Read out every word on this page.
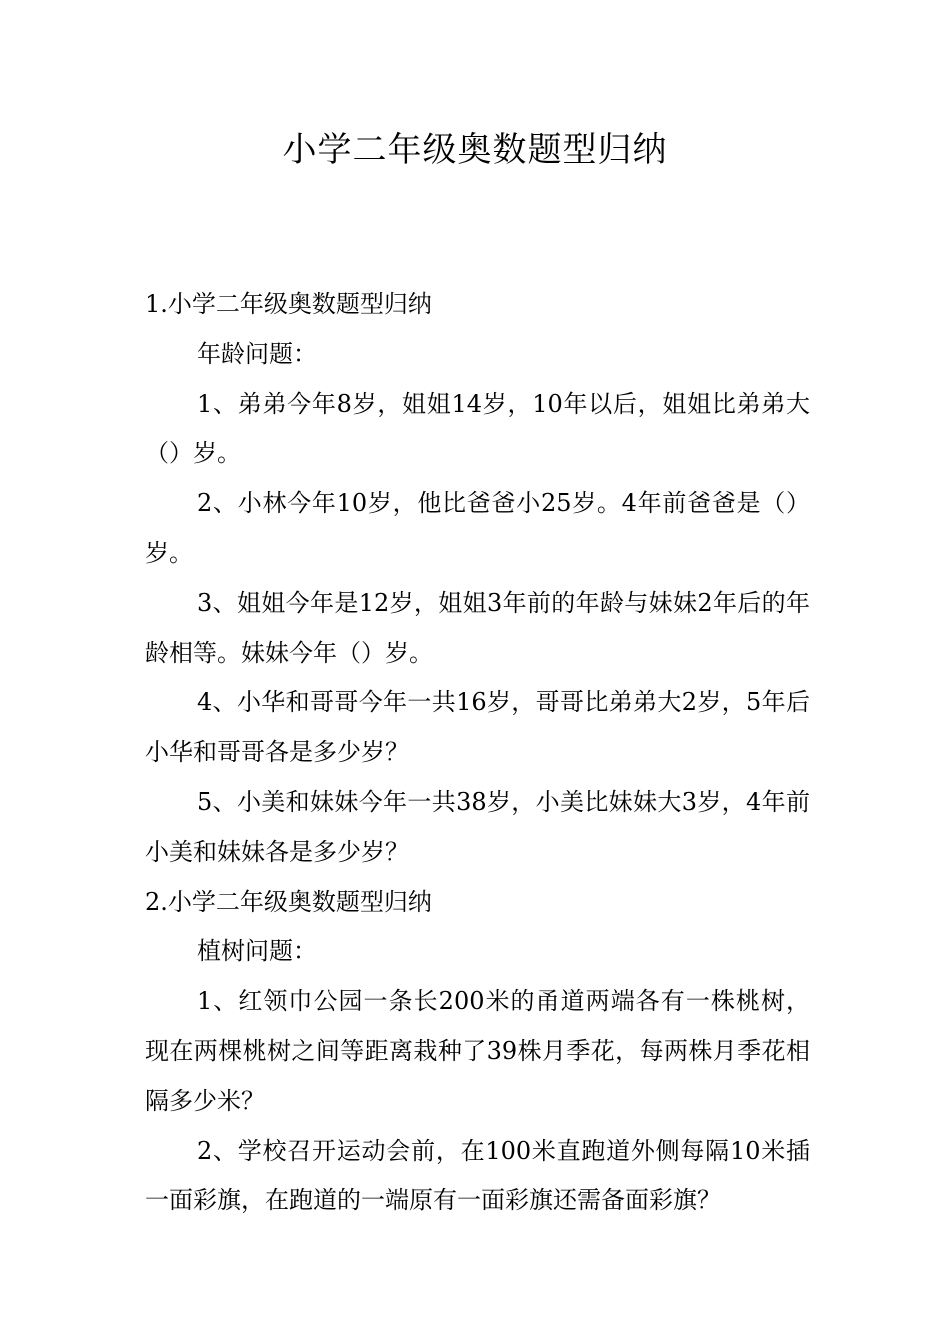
小学二年级奥数题型归纳

1.小学二年级奥数题型归纳

年龄问题：

1、弟弟今年8岁，姐姐14岁，10年以后，姐姐比弟弟大（）岁。

2、小林今年10岁，他比爸爸小25岁。4年前爸爸是（）岁。

3、姐姐今年是12岁，姐姐3年前的年龄与妹妹2年后的年龄相等。妹妹今年（）岁。

4、小华和哥哥今年一共16岁，哥哥比弟弟大2岁，5年后小华和哥哥各是多少岁？

5、小美和妹妹今年一共38岁，小美比妹妹大3岁，4年前小美和妹妹各是多少岁？

2.小学二年级奥数题型归纳

植树问题：

1、红领巾公园一条长200米的甬道两端各有一株桃树，现在两棵桃树之间等距离栽种了39株月季花，每两株月季花相隔多少米？

2、学校召开运动会前，在100米直跑道外侧每隔10米插一面彩旗，在跑道的一端原有一面彩旗还需备面彩旗？
